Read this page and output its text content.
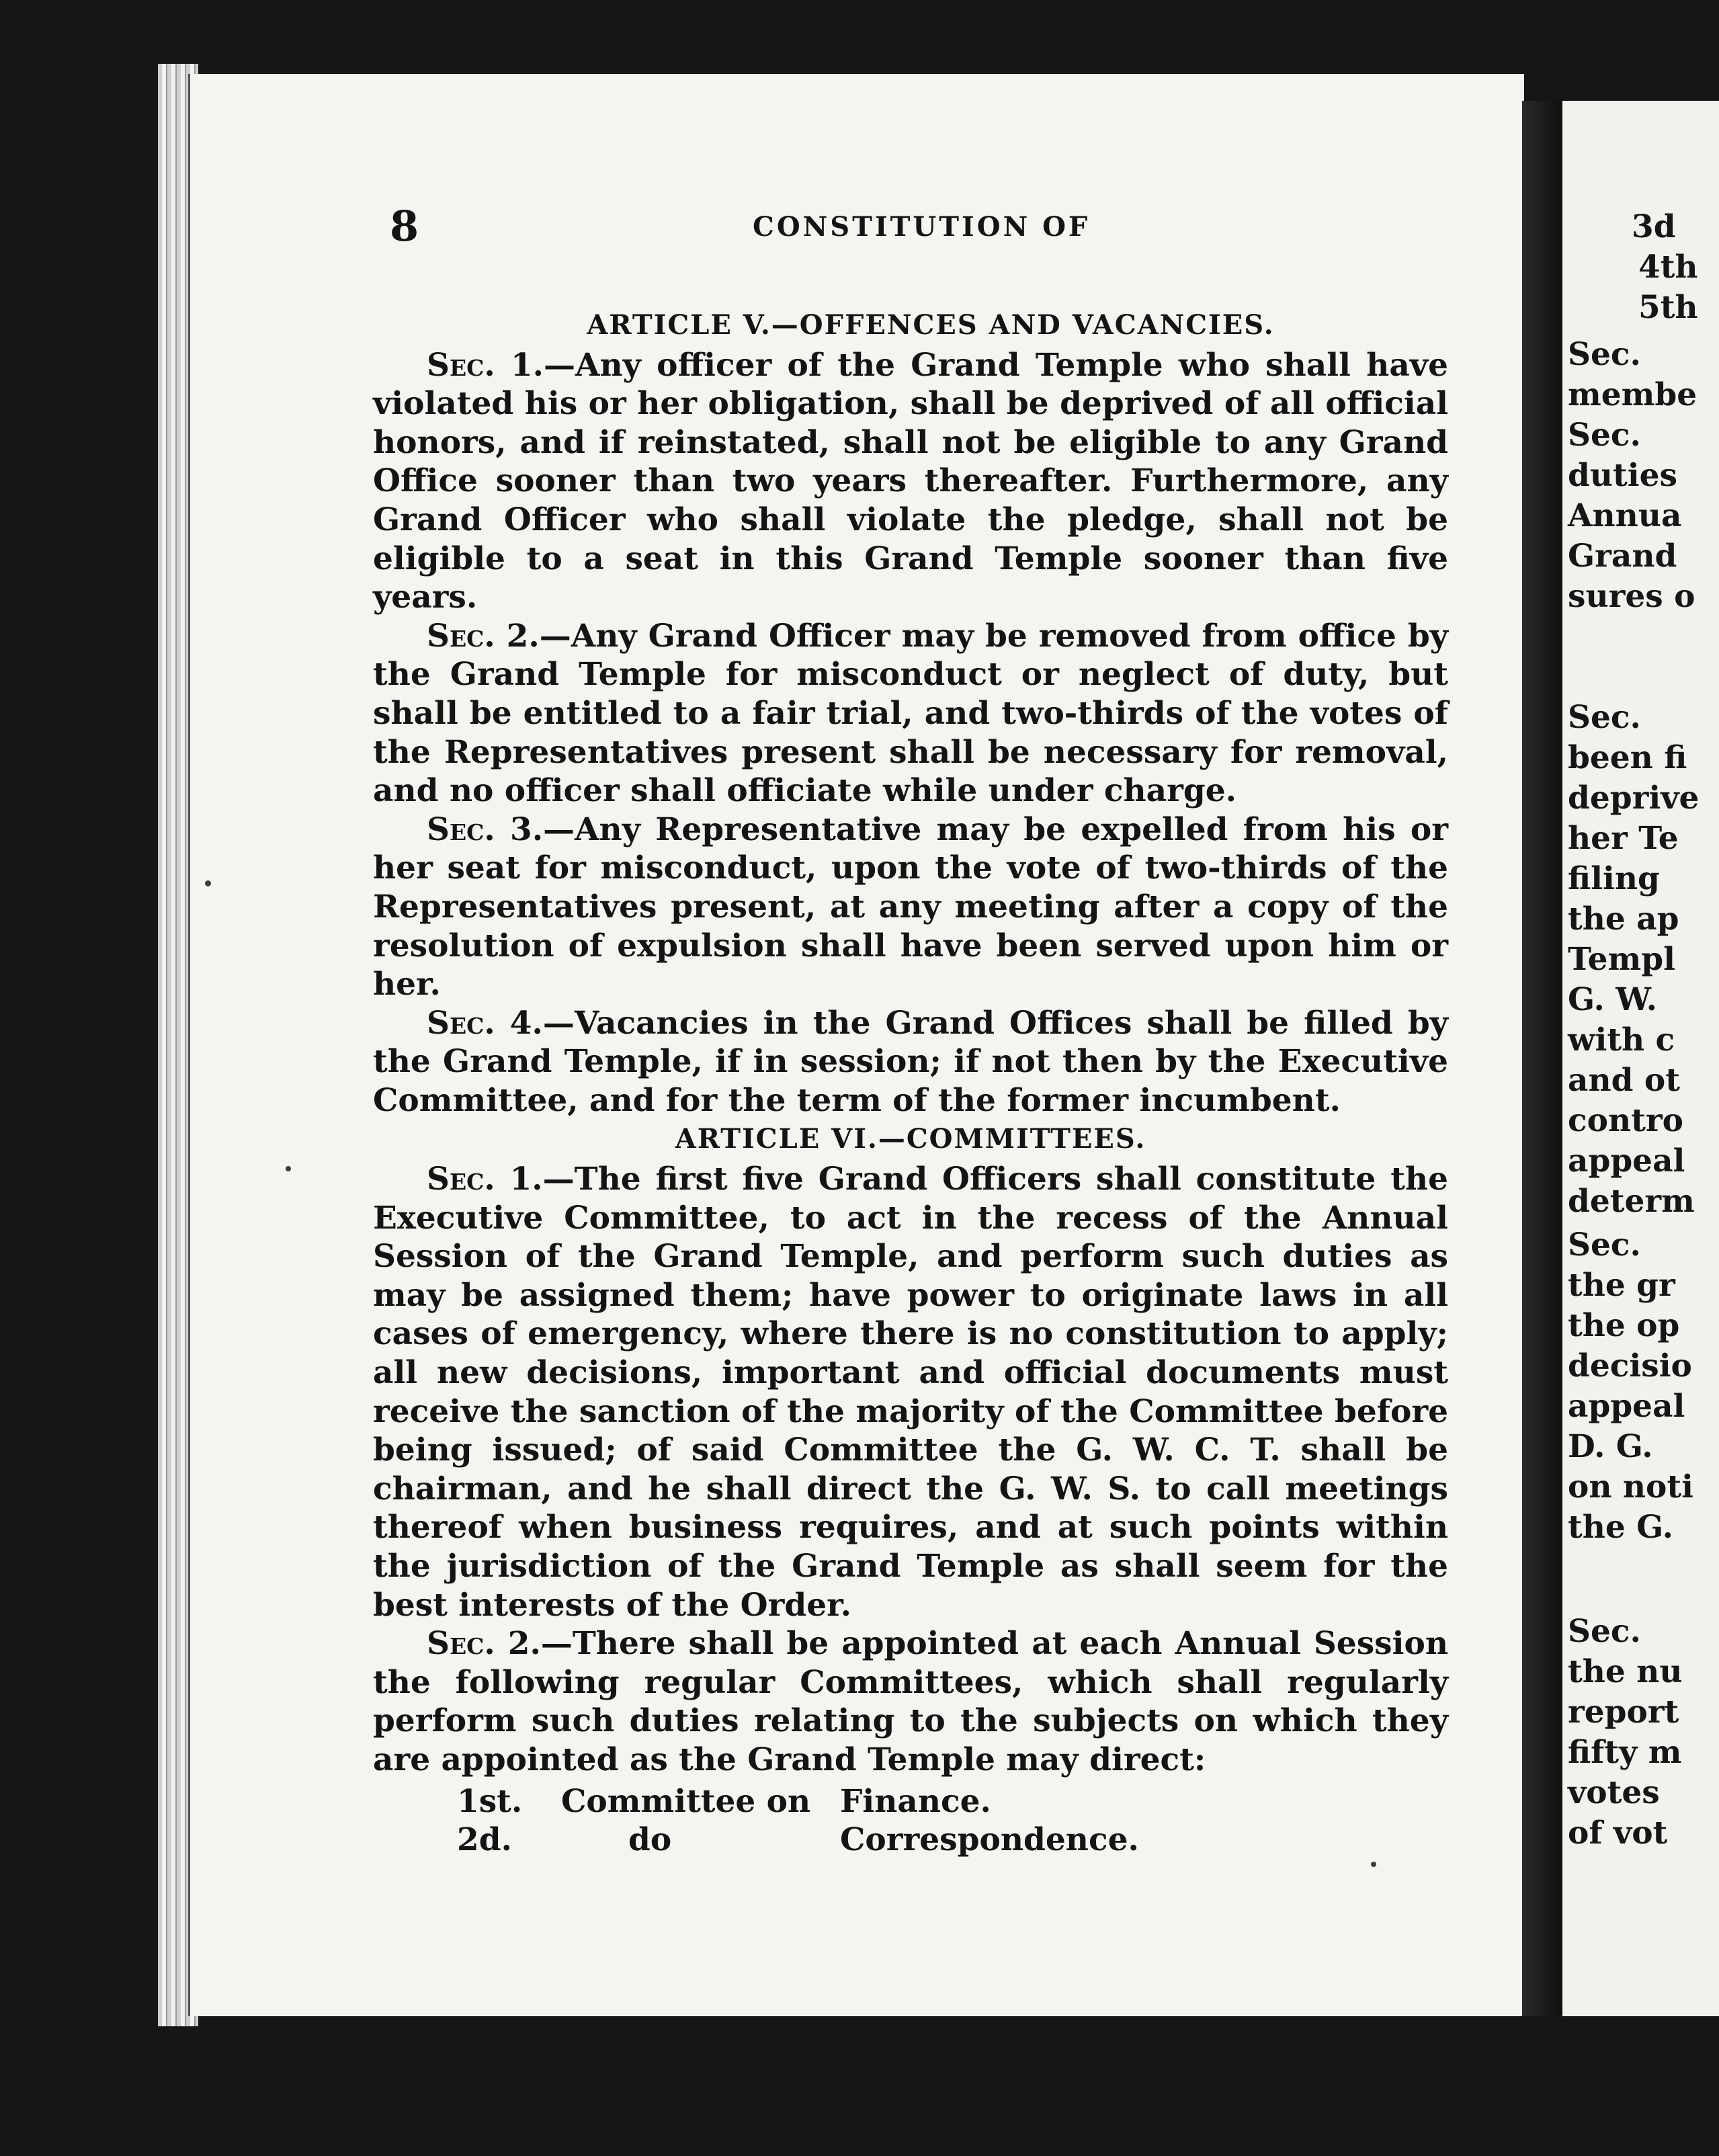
3d
4th
5th
Sec.
membe
Sec.
duties
Annua
Grand
sures o
Sec.
been fi
deprive
her Te
filing
the ap
Templ
G. W.
with c
and ot
contro
appeal
determ
Sec.
the gr
the op
decisio
appeal
D. G.
on noti
the G.
Sec.
the nu
report
fifty m
votes
of vot
8	CONSTITUTION OF
ARTICLE V.—OFFENCES AND VACANCIES.

Sec. 1.—Any officer of the Grand Temple who shall have violated his or her obligation, shall be deprived of all official honors, and if reinstated, shall not be eligible to any Grand Office sooner than two years thereafter. Furthermore, any Grand Officer who shall violate the pledge, shall not be eligible to a seat in this Grand Temple sooner than five years.

Sec. 2.—Any Grand Officer may be removed from office by the Grand Temple for misconduct or neglect of duty, but shall be entitled to a fair trial, and two-thirds of the votes of the Representatives present shall be necessary for removal, and no officer shall officiate while under charge.

Sec. 3.—Any Representative may be expelled from his or her seat for misconduct, upon the vote of two-thirds of the Representatives present, at any meeting after a copy of the resolution of expulsion shall have been served upon him or her.

Sec. 4.—Vacancies in the Grand Offices shall be filled by the Grand Temple, if in session; if not then by the Executive Committee, and for the term of the former incumbent.

ARTICLE VI.—COMMITTEES.

Sec. 1.—The first five Grand Officers shall constitute the Executive Committee, to act in the recess of the Annual Session of the Grand Temple, and perform such duties as may be assigned them; have power to originate laws in all cases of emergency, where there is no constitution to apply; all new decisions, important and official documents must receive the sanction of the majority of the Committee before being issued; of said Committee the G. W. C. T. shall be chairman, and he shall direct the G. W. S. to call meetings thereof when business requires, and at such points within the jurisdiction of the Grand Temple as shall seem for the best interests of the Order.

Sec. 2.—There shall be appointed at each Annual Session the following regular Committees, which shall regularly perform such duties relating to the subjects on which they are appointed as the Grand Temple may direct:

1st. Committee on Finance.
2d.	do	Correspondence.
